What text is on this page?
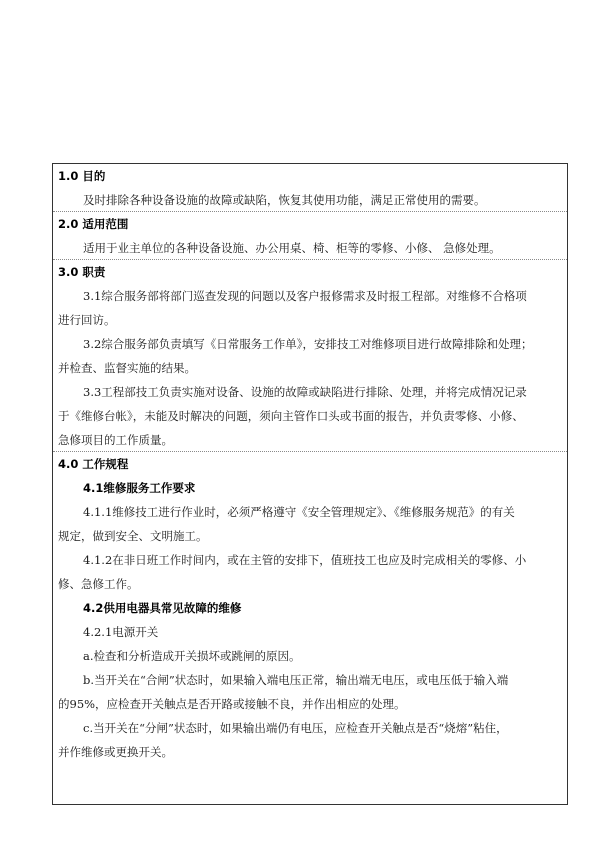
1.0 目的
及时排除各种设备设施的故障或缺陷，恢复其使用功能，满足正常使用的需要。
2.0 适用范围
适用于业主单位的各种设备设施、办公用桌、椅、柜等的零修、小修、 急修处理。
3.0 职责
3.1综合服务部将部门巡查发现的问题以及客户报修需求及时报工程部。对维修不合格项
进行回访。
3.2综合服务部负责填写《日常服务工作单》，安排技工对维修项目进行故障排除和处理；
并检查、监督实施的结果。
3.3工程部技工负责实施对设备、设施的故障或缺陷进行排除、处理，并将完成情况记录
于《维修台帐》，未能及时解决的问题，须向主管作口头或书面的报告，并负责零修、小修、
急修项目的工作质量。
4.0 工作规程
4.1维修服务工作要求
4.1.1维修技工进行作业时，必须严格遵守《安全管理规定》、《维修服务规范》的有关
规定，做到安全、文明施工。
4.1.2在非日班工作时间内，或在主管的安排下，值班技工也应及时完成相关的零修、小
修、急修工作。
4.2供用电器具常见故障的维修
4.2.1电源开关
a.检查和分析造成开关损坏或跳闸的原因。
b.当开关在“合闸”状态时，如果输入端电压正常，输出端无电压，或电压低于输入端
的95%，应检查开关触点是否开路或接触不良，并作出相应的处理。
c.当开关在“分闸”状态时，如果输出端仍有电压，应检查开关触点是否“烧熔”粘住，
并作维修或更换开关。
